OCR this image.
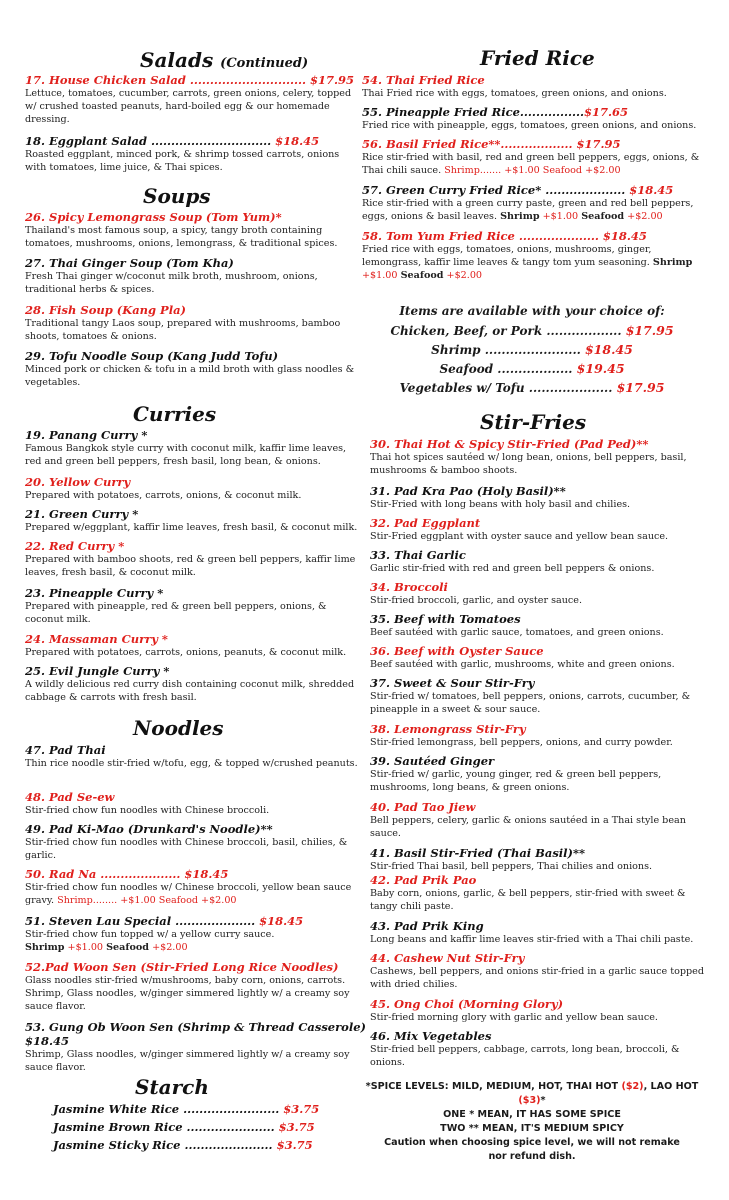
Salads (Continued)
17. House Chicken Salad ............................. $17.95
Lettuce, tomatoes, cucumber, carrots, green onions, celery, topped w/ crushed toasted peanuts, hard-boiled egg & our homemade dressing.
18. Eggplant Salad .............................. $18.45
Roasted eggplant, minced pork, & shrimp tossed carrots, onions with tomatoes, lime juice, & Thai spices.
Soups
26. Spicy Lemongrass Soup (Tom Yum)*
Thailand's most famous soup, a spicy, tangy broth containing tomatoes, mushrooms, onions, lemongrass, & traditional spices.
27. Thai Ginger Soup (Tom Kha)
Fresh Thai ginger w/coconut milk broth, mushroom, onions, traditional herbs & spices.
28. Fish Soup (Kang Pla)
Traditional tangy Laos soup, prepared with mushrooms, bamboo shoots, tomatoes & onions.
29. Tofu Noodle Soup (Kang Judd Tofu)
Minced pork or chicken & tofu in a mild broth with glass noodles & vegetables.
Curries
19. Panang Curry *
Famous Bangkok style curry with coconut milk, kaffir lime leaves, red and green bell peppers, fresh basil, long bean, & onions.
20. Yellow Curry
Prepared with potatoes, carrots, onions, & coconut milk.
21. Green Curry *
Prepared w/eggplant, kaffir lime leaves, fresh basil, & coconut milk.
22. Red Curry *
Prepared with bamboo shoots, red & green bell peppers, kaffir lime leaves, fresh basil, & coconut milk.
23. Pineapple Curry *
Prepared with pineapple, red & green bell peppers, onions, & coconut milk.
24. Massaman Curry *
Prepared with potatoes, carrots, onions, peanuts, & coconut milk.
25. Evil Jungle Curry *
A wildly delicious red curry dish containing coconut milk, shredded cabbage & carrots with fresh basil.
Noodles
47. Pad Thai
Thin rice noodle stir-fried w/tofu, egg, & topped w/crushed peanuts.
48. Pad Se-ew
Stir-fried chow fun noodles with Chinese broccoli.
49. Pad Ki-Mao (Drunkard's Noodle)**
Stir-fried chow fun noodles with Chinese broccoli, basil, chilies, & garlic.
50. Rad Na .................... $18.45
Stir-fried chow fun noodles w/ Chinese broccoli, yellow bean sauce gravy. Shrimp........ +$1.00 Seafood +$2.00
51. Steven Lau Special .................... $18.45
Stir-fried chow fun topped w/ a yellow curry sauce.
Shrimp +$1.00 Seafood +$2.00
52.Pad Woon Sen (Stir-Fried Long Rice Noodles)
Glass noodles stir-fried w/mushrooms, baby corn, onions, carrots. Shrimp, Glass noodles, w/ginger simmered lightly w/ a creamy soy sauce flavor.
53. Gung Ob Woon Sen (Shrimp & Thread Casserole)
$18.45
Shrimp, Glass noodles, w/ginger simmered lightly w/ a creamy soy sauce flavor.
Starch
Jasmine White Rice ........................ $3.75
Jasmine Brown Rice ...................... $3.75
Jasmine Sticky Rice ...................... $3.75
Fried Rice
54. Thai Fried Rice
Thai Fried rice with eggs, tomatoes, green onions, and onions.
55. Pineapple Fried Rice................$17.65
Fried rice with pineapple, eggs, tomatoes, green onions, and onions.
56. Basil Fried Rice**.................. $17.95
Rice stir-fried with basil, red and green bell peppers, eggs, onions, & Thai chili sauce. Shrimp....... +$1.00 Seafood +$2.00
57. Green Curry Fried Rice* .................... $18.45
Rice stir-fried with a green curry paste, green and red bell peppers, eggs, onions & basil leaves. Shrimp +$1.00 Seafood +$2.00
58. Tom Yum Fried Rice .................... $18.45
Fried rice with eggs, tomatoes, onions, mushrooms, ginger, lemongrass, kaffir lime leaves & tangy tom yum seasoning. Shrimp +$1.00 Seafood +$2.00
Items are available with your choice of:
Chicken, Beef, or Pork .................. $17.95
Shrimp ....................... $18.45
Seafood .................. $19.45
Vegetables w/ Tofu .................... $17.95
Stir-Fries
30. Thai Hot & Spicy Stir-Fried (Pad Ped)**
Thai hot spices sautéed w/ long bean, onions, bell peppers, basil, mushrooms & bamboo shoots.
31. Pad Kra Pao (Holy Basil)**
Stir-Fried with long beans with holy basil and chilies.
32. Pad Eggplant
Stir-Fried eggplant with oyster sauce and yellow bean sauce.
33. Thai Garlic
Garlic stir-fried with red and green bell peppers & onions.
34. Broccoli
Stir-fried broccoli, garlic, and oyster sauce.
35. Beef with Tomatoes
Beef sautéed with garlic sauce, tomatoes, and green onions.
36. Beef with Oyster Sauce
Beef sautéed with garlic, mushrooms, white and green onions.
37. Sweet & Sour Stir-Fry
Stir-fried w/ tomatoes, bell peppers, onions, carrots, cucumber, & pineapple in a sweet & sour sauce.
38. Lemongrass Stir-Fry
Stir-fried lemongrass, bell peppers, onions, and curry powder.
39. Sautéed Ginger
Stir-fried w/ garlic, young ginger, red & green bell peppers, mushrooms, long beans, & green onions.
40. Pad Tao Jiew
Bell peppers, celery, garlic & onions sautéed in a Thai style bean sauce.
41. Basil Stir-Fried (Thai Basil)**
Stir-fried Thai basil, bell peppers, Thai chilies and onions.
42. Pad Prik Pao
Baby corn, onions, garlic, & bell peppers, stir-fried with sweet & tangy chili paste.
43. Pad Prik King
Long beans and kaffir lime leaves stir-fried with a Thai chili paste.
44. Cashew Nut Stir-Fry
Cashews, bell peppers, and onions stir-fried in a garlic sauce topped with dried chilies.
45. Ong Choi (Morning Glory)
Stir-fried morning glory with garlic and yellow bean sauce.
46. Mix Vegetables
Stir-fried bell peppers, cabbage, carrots, long bean, broccoli, & onions.
*SPICE LEVELS: MILD, MEDIUM, HOT, THAI HOT ($2), LAO HOT ($3)*
ONE * MEAN, IT HAS SOME SPICE
TWO ** MEAN, IT'S MEDIUM SPICY
Caution when choosing spice level, we will not remake
nor refund dish.
